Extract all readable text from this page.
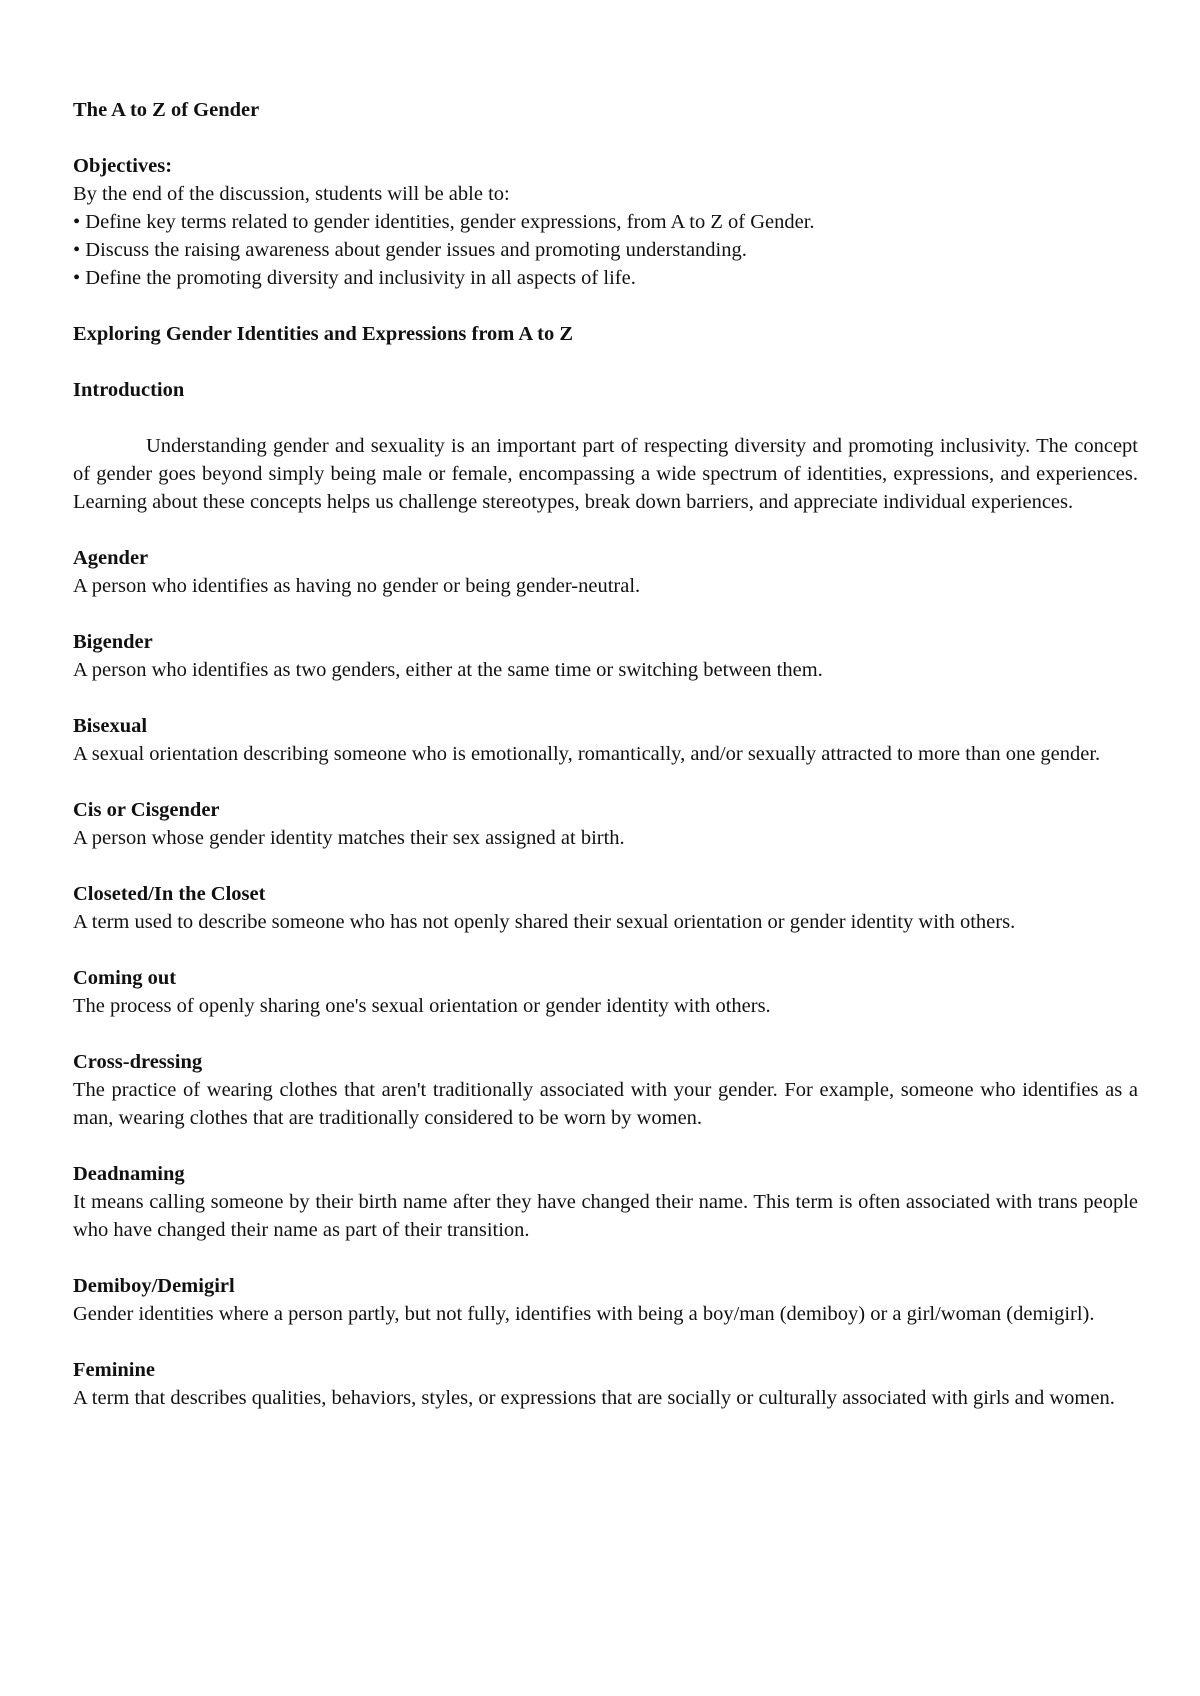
The A to Z of Gender
Objectives:
By the end of the discussion, students will be able to:
• Define key terms related to gender identities, gender expressions, from A to Z of Gender.
• Discuss the raising awareness about gender issues and promoting understanding.
• Define the promoting diversity and inclusivity in all aspects of life.
Exploring Gender Identities and Expressions from A to Z
Introduction

Understanding gender and sexuality is an important part of respecting diversity and promoting inclusivity. The concept of gender goes beyond simply being male or female, encompassing a wide spectrum of identities, expressions, and experiences. Learning about these concepts helps us challenge stereotypes, break down barriers, and appreciate individual experiences.

Agender
A person who identifies as having no gender or being gender-neutral.
Bigender
A person who identifies as two genders, either at the same time or switching between them.
Bisexual
A sexual orientation describing someone who is emotionally, romantically, and/or sexually attracted to more than one gender.
Cis or Cisgender
A person whose gender identity matches their sex assigned at birth.
Closeted/In the Closet
A term used to describe someone who has not openly shared their sexual orientation or gender identity with others.
Coming out
The process of openly sharing one's sexual orientation or gender identity with others.
Cross-dressing
The practice of wearing clothes that aren't traditionally associated with your gender. For example, someone who identifies as a man, wearing clothes that are traditionally considered to be worn by women.
Deadnaming
It means calling someone by their birth name after they have changed their name. This term is often associated with trans people who have changed their name as part of their transition.
Demiboy/Demigirl
Gender identities where a person partly, but not fully, identifies with being a boy/man (demiboy) or a girl/woman (demigirl).
Feminine
A term that describes qualities, behaviors, styles, or expressions that are socially or culturally associated with girls and women.
